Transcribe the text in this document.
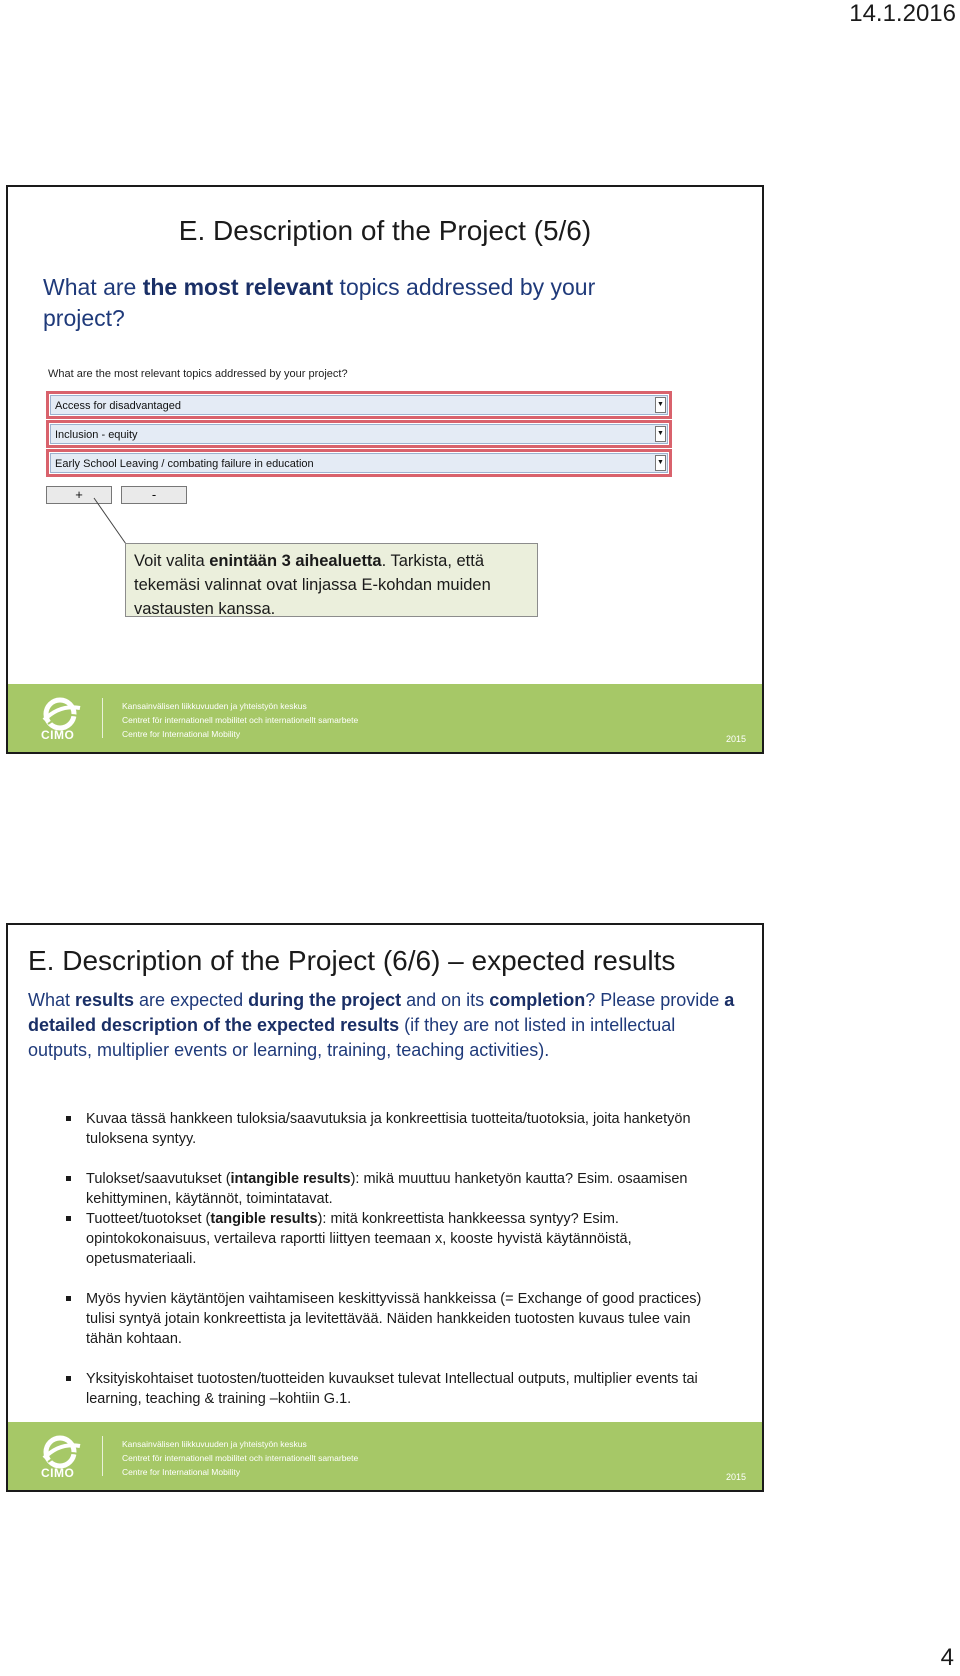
14.1.2016
E. Description of the Project (5/6)
What are the most relevant topics addressed by your project?
What are the most relevant topics addressed by your project?
Access for disadvantaged	▼
Inclusion - equity	▼
Early School Leaving / combating failure in education	▼
+	-
Voit valita enintään 3 aihealuetta. Tarkista, että tekemäsi valinnat ovat linjassa E-kohdan muiden vastausten kanssa.
CIMO
Kansainvälisen liikkuvuuden ja yhteistyön keskus
Centret för internationell mobilitet och internationellt samarbete
Centre for International Mobility	2015
E. Description of the Project (6/6) – expected results
What results are expected during the project and on its completion? Please provide a detailed description of the expected results (if they are not listed in intellectual outputs, multiplier events or learning, training, teaching activities).
Kuvaa tässä hankkeen tuloksia/saavutuksia ja konkreettisia tuotteita/tuotoksia, joita hanketyön tuloksena syntyy.
Tulokset/saavutukset (intangible results): mikä muuttuu hanketyön kautta? Esim. osaamisen kehittyminen, käytännöt, toimintatavat.
Tuotteet/tuotokset (tangible results): mitä konkreettista hankkeessa syntyy? Esim. opintokokonaisuus, vertaileva raportti liittyen teemaan x, kooste hyvistä käytännöistä, opetusmateriaali.
Myös hyvien käytäntöjen vaihtamiseen keskittyvissä hankkeissa (= Exchange of good practices) tulisi syntyä jotain konkreettista ja levitettävää. Näiden hankkeiden tuotosten kuvaus tulee vain tähän kohtaan.
Yksityiskohtaiset tuotosten/tuotteiden kuvaukset tulevat Intellectual outputs, multiplier events tai learning, teaching & training –kohtiin G.1.
CIMO
Kansainvälisen liikkuvuuden ja yhteistyön keskus
Centret för internationell mobilitet och internationellt samarbete
Centre for International Mobility	2015
4
